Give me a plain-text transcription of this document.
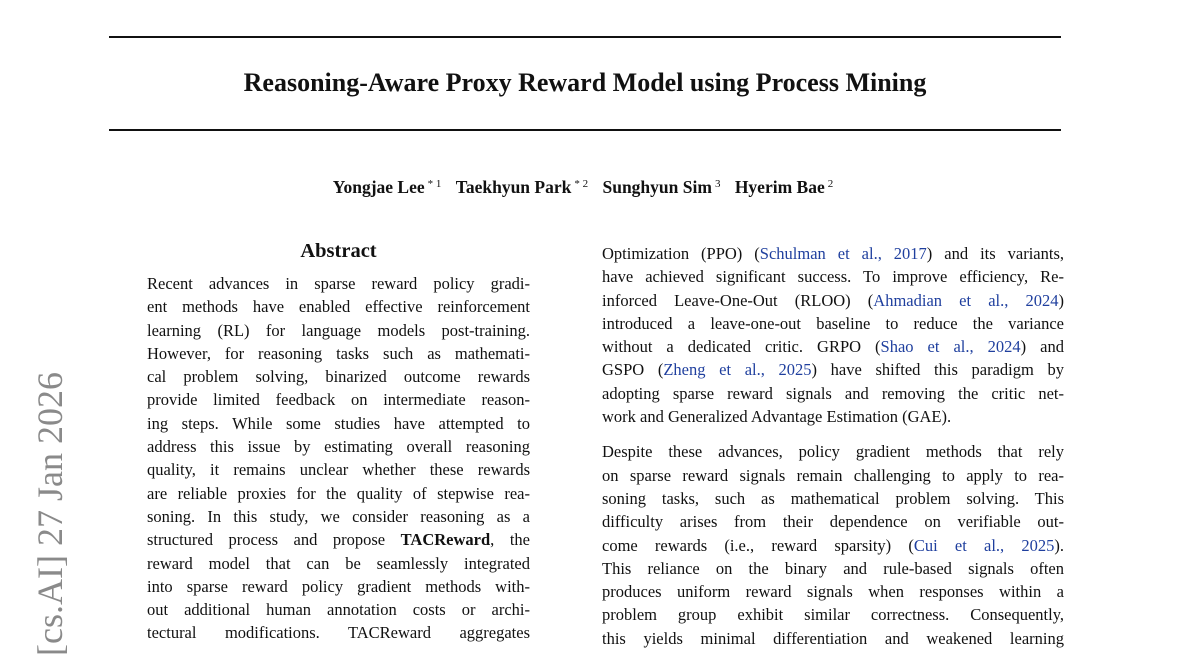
Reasoning-Aware Proxy Reward Model using Process Mining
Yongjae Lee $^{* 1}$ Taekhyun Park $^{* 2}$ Sunghyun Sim $^3$ Hyerim Bae $^2$
[cs.AI] 27 Jan 2026
Abstract
Recent advances in sparse reward policy gradi-
ent methods have enabled effective reinforcement
learning (RL) for language models post-training.
However, for reasoning tasks such as mathemati-
cal problem solving, binarized outcome rewards
provide limited feedback on intermediate reason-
ing steps. While some studies have attempted to
address this issue by estimating overall reasoning
quality, it remains unclear whether these rewards
are reliable proxies for the quality of stepwise rea-
soning. In this study, we consider reasoning as a
structured process and propose TACReward, the
reward model that can be seamlessly integrated
into sparse reward policy gradient methods with-
out additional human annotation costs or archi-
tectural modifications. TACReward aggregates
Optimization (PPO) (Schulman et al., 2017) and its variants,
have achieved significant success. To improve efficiency, Re-
inforced Leave-One-Out (RLOO) (Ahmadian et al., 2024)
introduced a leave-one-out baseline to reduce the variance
without a dedicated critic. GRPO (Shao et al., 2024) and
GSPO (Zheng et al., 2025) have shifted this paradigm by
adopting sparse reward signals and removing the critic net-
work and Generalized Advantage Estimation (GAE).
Despite these advances, policy gradient methods that rely
on sparse reward signals remain challenging to apply to rea-
soning tasks, such as mathematical problem solving. This
difficulty arises from their dependence on verifiable out-
come rewards (i.e., reward sparsity) (Cui et al., 2025).
This reliance on the binary and rule-based signals often
produces uniform reward signals when responses within a
problem group exhibit similar correctness. Consequently,
this yields minimal differentiation and weakened learning
